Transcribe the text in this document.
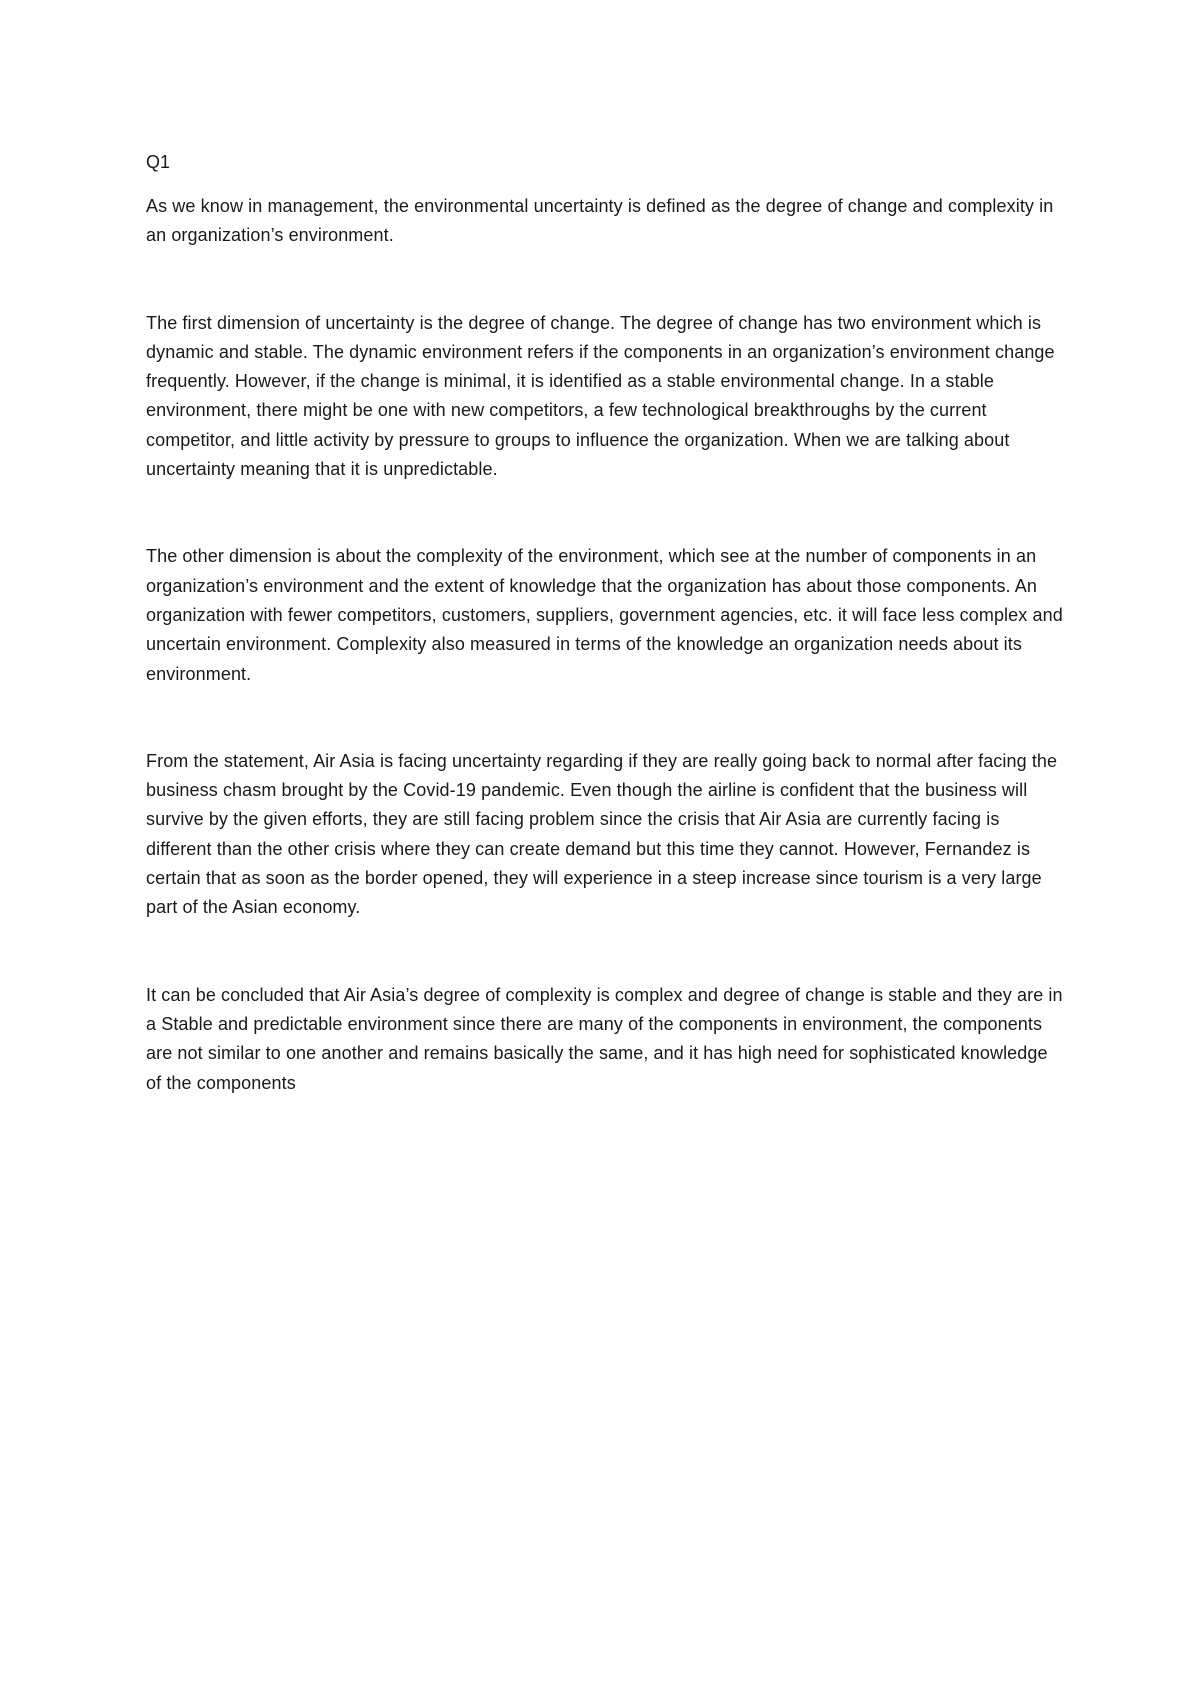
Q1

As we know in management, the environmental uncertainty is defined as the degree of change and complexity in an organization’s environment.

The first dimension of uncertainty is the degree of change. The degree of change has two environment which is dynamic and stable. The dynamic environment refers if the components in an organization’s environment change frequently. However, if the change is minimal, it is identified as a stable environmental change. In a stable environment, there might be one with new competitors, a few technological breakthroughs by the current competitor, and little activity by pressure to groups to influence the organization. When we are talking about uncertainty meaning that it is unpredictable.

The other dimension is about the complexity of the environment, which see at the number of components in an organization’s environment and the extent of knowledge that the organization has about those components. An organization with fewer competitors, customers, suppliers, government agencies, etc. it will face less complex and uncertain environment. Complexity also measured in terms of the knowledge an organization needs about its environment.

From the statement, Air Asia is facing uncertainty regarding if they are really going back to normal after facing the business chasm brought by the Covid-19 pandemic. Even though the airline is confident that the business will survive by the given efforts, they are still facing problem since the crisis that Air Asia are currently facing is different than the other crisis where they can create demand but this time they cannot. However, Fernandez is certain that as soon as the border opened, they will experience in a steep increase since tourism is a very large part of the Asian economy.

It can be concluded that Air Asia’s degree of complexity is complex and degree of change is stable and they are in a Stable and predictable environment since there are many of the components in environment, the components are not similar to one another and remains basically the same, and it has high need for sophisticated knowledge of the components
